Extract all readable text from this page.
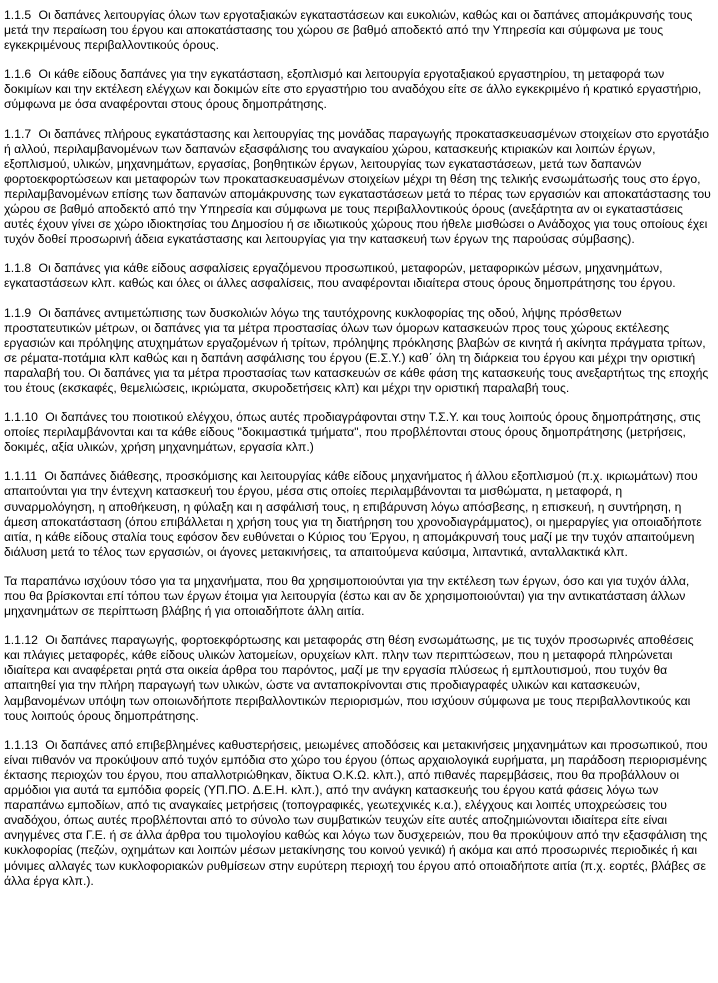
1.1.5 Οι δαπάνες λειτουργίας όλων των εργοταξιακών εγκαταστάσεων και ευκολιών, καθώς και οι δαπάνες απομάκρυνσής τους μετά την περαίωση του έργου και αποκατάστασης του χώρου σε βαθμό αποδεκτό από την Υπηρεσία και σύμφωνα με τους εγκεκριμένους περιβαλλοντικούς όρους.

1.1.6 Οι κάθε είδους δαπάνες για την εγκατάσταση, εξοπλισμό και λειτουργία εργοταξιακού εργαστηρίου, τη μεταφορά των δοκιμίων και την εκτέλεση ελέγχων και δοκιμών είτε στο εργαστήριο του αναδόχου είτε σε άλλο εγκεκριμένο ή κρατικό εργαστήριο, σύμφωνα με όσα αναφέρονται στους όρους δημοπράτησης.

1.1.7 Οι δαπάνες πλήρους εγκατάστασης και λειτουργίας της μονάδας παραγωγής προκατασκευασμένων στοιχείων στο εργοτάξιο ή αλλού, περιλαμβανομένων των δαπανών εξασφάλισης του αναγκαίου χώρου, κατασκευής κτιριακών και λοιπών έργων, εξοπλισμού, υλικών, μηχανημάτων, εργασίας, βοηθητικών έργων, λειτουργίας των εγκαταστάσεων, μετά των δαπανών φορτοεκφορτώσεων και μεταφορών των προκατασκευασμένων στοιχείων μέχρι τη θέση της τελικής ενσωμάτωσής τους στο έργο, περιλαμβανομένων επίσης των δαπανών απομάκρυνσης των εγκαταστάσεων μετά το πέρας των εργασιών και αποκατάστασης του χώρου σε βαθμό αποδεκτό από την Υπηρεσία και σύμφωνα με τους περιβαλλοντικούς όρους (ανεξάρτητα αν οι εγκαταστάσεις αυτές έχουν γίνει σε χώρο ιδιοκτησίας του Δημοσίου ή σε ιδιωτικούς χώρους που ήθελε μισθώσει ο Ανάδοχος για τους οποίους έχει τυχόν δοθεί προσωρινή άδεια εγκατάστασης και λειτουργίας για την κατασκευή των έργων της παρούσας σύμβασης).

1.1.8 Οι δαπάνες για κάθε είδους ασφαλίσεις εργαζόμενου προσωπικού, μεταφορών, μεταφορικών μέσων, μηχανημάτων, εγκαταστάσεων κλπ. καθώς και όλες οι άλλες ασφαλίσεις, που αναφέρονται ιδιαίτερα στους όρους δημοπράτησης του έργου.

1.1.9 Οι δαπάνες αντιμετώπισης των δυσκολιών λόγω της ταυτόχρονης κυκλοφορίας της οδού, λήψης πρόσθετων προστατευτικών μέτρων, οι δαπάνες για τα μέτρα προστασίας όλων των όμορων κατασκευών προς τους χώρους εκτέλεσης εργασιών και πρόληψης ατυχημάτων εργαζομένων ή τρίτων, πρόληψης πρόκλησης βλαβών σε κινητά ή ακίνητα πράγματα τρίτων, σε ρέματα-ποτάμια κλπ καθώς και η δαπάνη ασφάλισης του έργου (Ε.Σ.Υ.) καθ΄ όλη τη διάρκεια του έργου και μέχρι την οριστική παραλαβή του. Οι δαπάνες για τα μέτρα προστασίας των κατασκευών σε κάθε φάση της κατασκευής τους ανεξαρτήτως της εποχής του έτους (εκσκαφές, θεμελιώσεις, ικριώματα, σκυροδετήσεις κλπ) και μέχρι την οριστική παραλαβή τους.

1.1.10 Οι δαπάνες του ποιοτικού ελέγχου, όπως αυτές προδιαγράφονται στην Τ.Σ.Υ. και τους λοιπούς όρους δημοπράτησης, στις οποίες περιλαμβάνονται και τα κάθε είδους "δοκιμαστικά τμήματα", που προβλέπονται στους όρους δημοπράτησης (μετρήσεις, δοκιμές, αξία υλικών, χρήση μηχανημάτων, εργασία κλπ.)

1.1.11 Οι δαπάνες διάθεσης, προσκόμισης και λειτουργίας κάθε είδους μηχανήματος ή άλλου εξοπλισμού (π.χ. ικριωμάτων) που απαιτούνται για την έντεχνη κατασκευή του έργου, μέσα στις οποίες περιλαμβάνονται τα μισθώματα, η μεταφορά, η συναρμολόγηση, η αποθήκευση, η φύλαξη και η ασφάλισή τους, η επιβάρυνση λόγω απόσβεσης, η επισκευή, η συντήρηση, η άμεση αποκατάσταση (όπου επιβάλλεται η χρήση τους για τη διατήρηση του χρονοδιαγράμματος), οι ημεραργίες για οποιαδήποτε αιτία, η κάθε είδους σταλία τους εφόσον δεν ευθύνεται ο Κύριος του Έργου, η απομάκρυνσή τους μαζί με την τυχόν απαιτούμενη διάλυση μετά το τέλος των εργασιών, οι άγονες μετακινήσεις, τα απαιτούμενα καύσιμα, λιπαντικά, ανταλλακτικά κλπ.

Τα παραπάνω ισχύουν τόσο για τα μηχανήματα, που θα χρησιμοποιούνται για την εκτέλεση των έργων, όσο και για τυχόν άλλα, που θα βρίσκονται επί τόπου των έργων έτοιμα για λειτουργία (έστω και αν δε χρησιμοποιούνται) για την αντικατάσταση άλλων μηχανημάτων σε περίπτωση βλάβης ή για οποιαδήποτε άλλη αιτία.

1.1.12 Οι δαπάνες παραγωγής, φορτοεκφόρτωσης και μεταφοράς στη θέση ενσωμάτωσης, με τις τυχόν προσωρινές αποθέσεις και πλάγιες μεταφορές, κάθε είδους υλικών λατομείων, ορυχείων κλπ. πλην των περιπτώσεων, που η μεταφορά πληρώνεται ιδιαίτερα και αναφέρεται ρητά στα οικεία άρθρα του παρόντος, μαζί με την εργασία πλύσεως ή εμπλουτισμού, που τυχόν θα απαιτηθεί για την πλήρη παραγωγή των υλικών, ώστε να ανταποκρίνονται στις προδιαγραφές υλικών και κατασκευών, λαμβανομένων υπόψη των οποιωνδήποτε περιβαλλοντικών περιορισμών, που ισχύουν σύμφωνα με τους περιβαλλοντικούς και τους λοιπούς όρους δημοπράτησης.

1.1.13 Οι δαπάνες από επιβεβλημένες καθυστερήσεις, μειωμένες αποδόσεις και μετακινήσεις μηχανημάτων και προσωπικού, που είναι πιθανόν να προκύψουν από τυχόν εμπόδια στο χώρο του έργου (όπως αρχαιολογικά ευρήματα, μη παράδοση περιορισμένης έκτασης περιοχών του έργου, που απαλλοτριώθηκαν, δίκτυα Ο.Κ.Ω. κλπ.), από πιθανές παρεμβάσεις, που θα προβάλλουν οι αρμόδιοι για αυτά τα εμπόδια φορείς (ΥΠ.ΠΟ. Δ.Ε.Η. κλπ.), από την ανάγκη κατασκευής του έργου κατά φάσεις λόγω των παραπάνω εμποδίων, από τις αναγκαίες μετρήσεις (τοπογραφικές, γεωτεχνικές κ.α.), ελέγχους και λοιπές υποχρεώσεις του αναδόχου, όπως αυτές προβλέπονται από το σύνολο των συμβατικών τευχών είτε αυτές αποζημιώνονται ιδιαίτερα είτε είναι ανηγμένες στα Γ.Ε. ή σε άλλα άρθρα του τιμολογίου καθώς και λόγω των δυσχερειών, που θα προκύψουν από την εξασφάλιση της κυκλοφορίας (πεζών, οχημάτων και λοιπών μέσων μετακίνησης του κοινού γενικά) ή ακόμα και από προσωρινές περιοδικές ή και μόνιμες αλλαγές των κυκλοφοριακών ρυθμίσεων στην ευρύτερη περιοχή του έργου από οποιαδήποτε αιτία (π.χ. εορτές, βλάβες σε άλλα έργα κλπ.).
